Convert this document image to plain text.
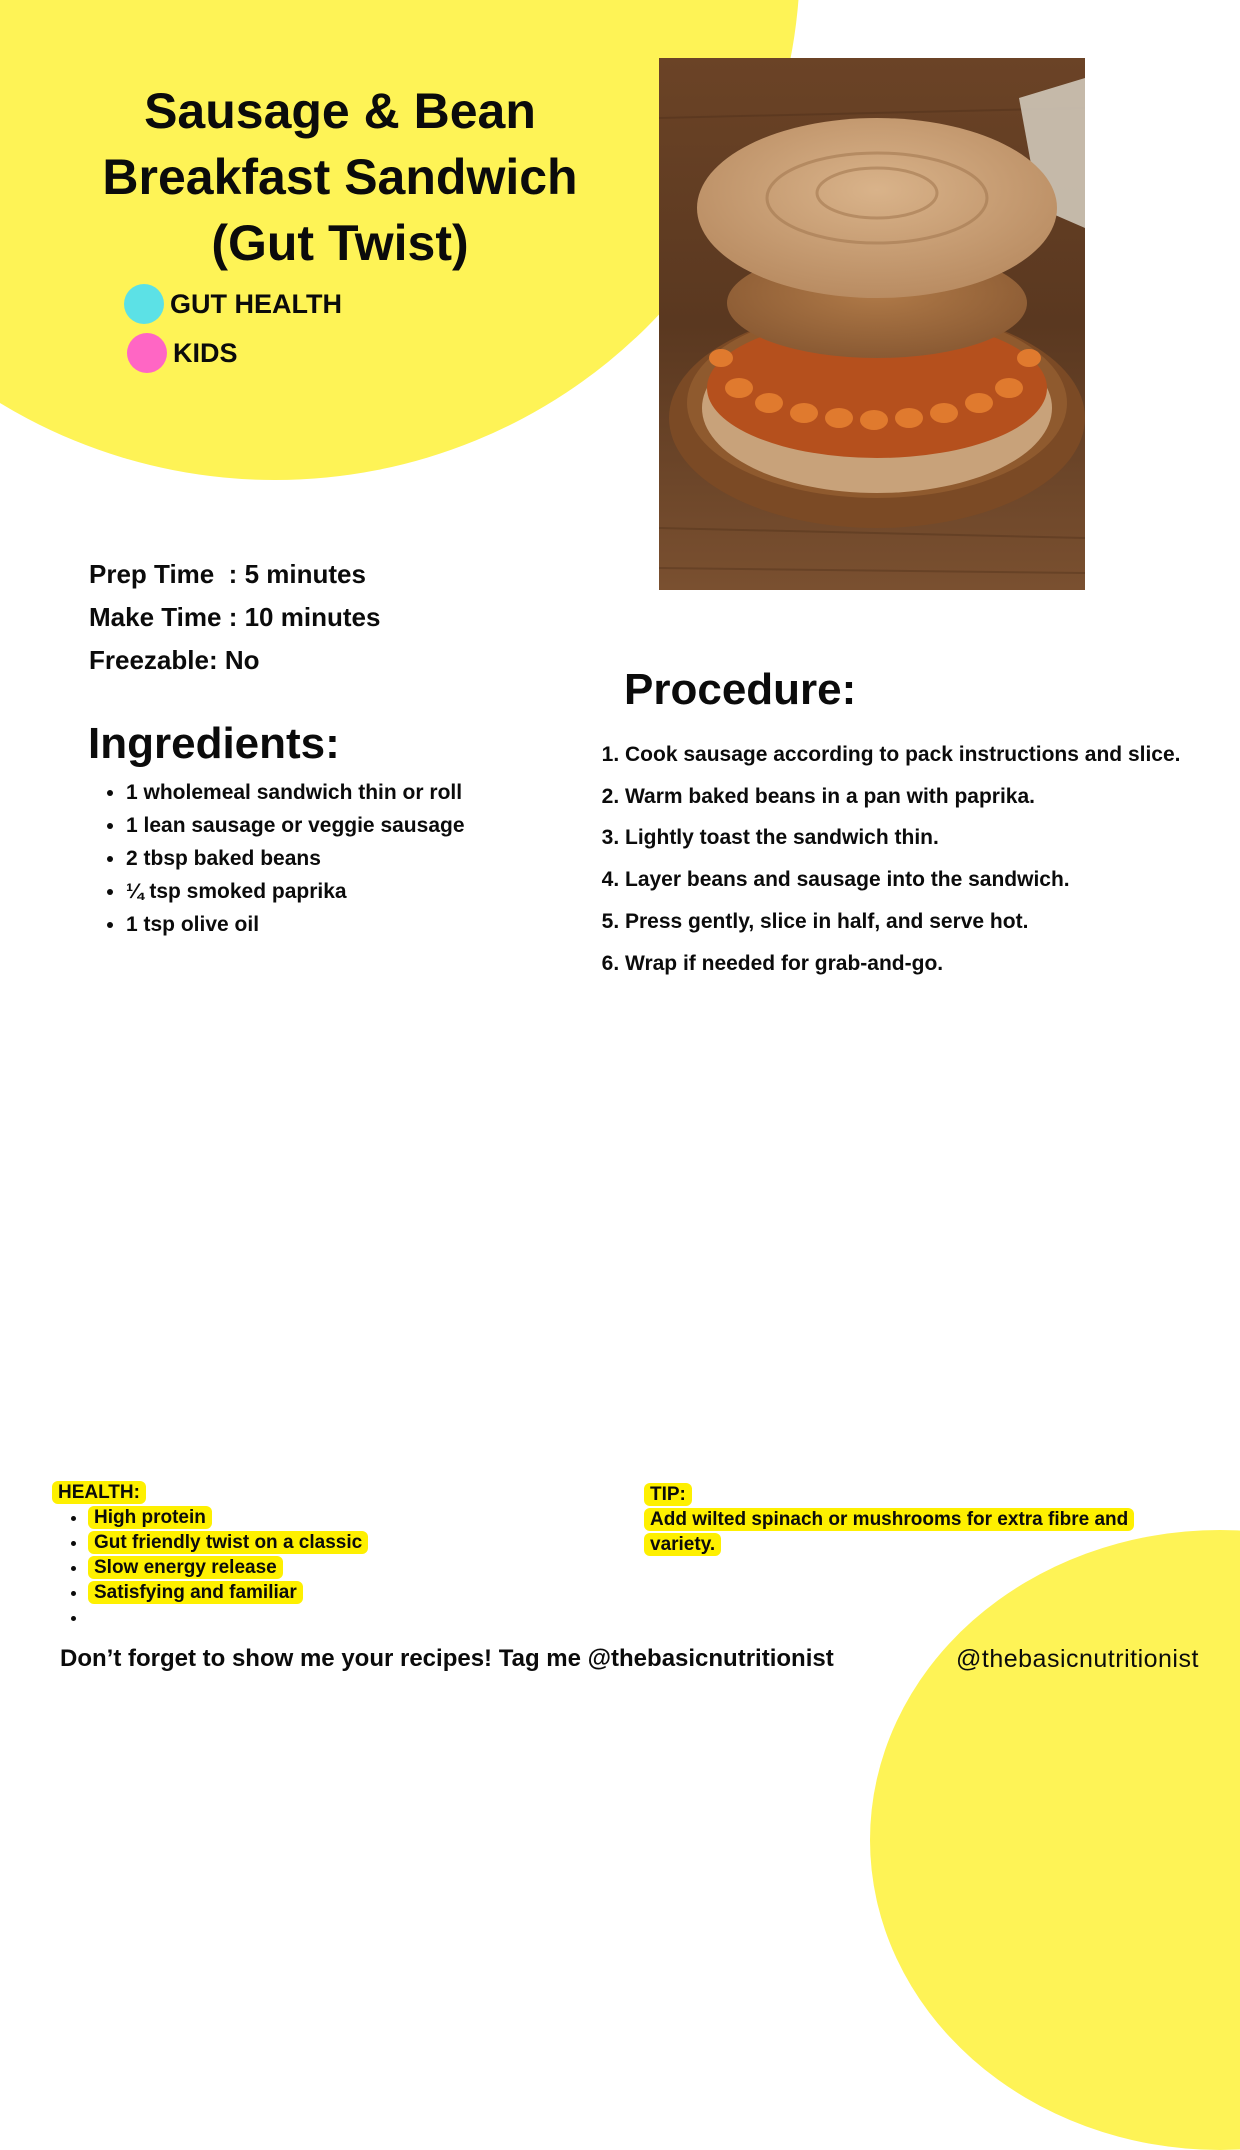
Sausage & Bean
Breakfast Sandwich
(Gut Twist)
GUT HEALTH
KIDS
Prep Time  : 5 minutes
Make Time : 10 minutes
Freezable: No
Ingredients:
• 1 wholemeal sandwich thin or roll
• 1 lean sausage or veggie sausage
• 2 tbsp baked beans
• ¼ tsp smoked paprika
• 1 tsp olive oil
Procedure:
1. Cook sausage according to pack instructions and slice.
2. Warm baked beans in a pan with paprika.
3. Lightly toast the sandwich thin.
4. Layer beans and sausage into the sandwich.
5. Press gently, slice in half, and serve hot.
6. Wrap if needed for grab-and-go.
HEALTH:
• High protein
• Gut friendly twist on a classic
• Slow energy release
• Satisfying and familiar
•
TIP:
Add wilted spinach or mushrooms for extra fibre and variety.
Don’t forget to show me your recipes! Tag me @thebasicnutritionist	@thebasicnutritionist
